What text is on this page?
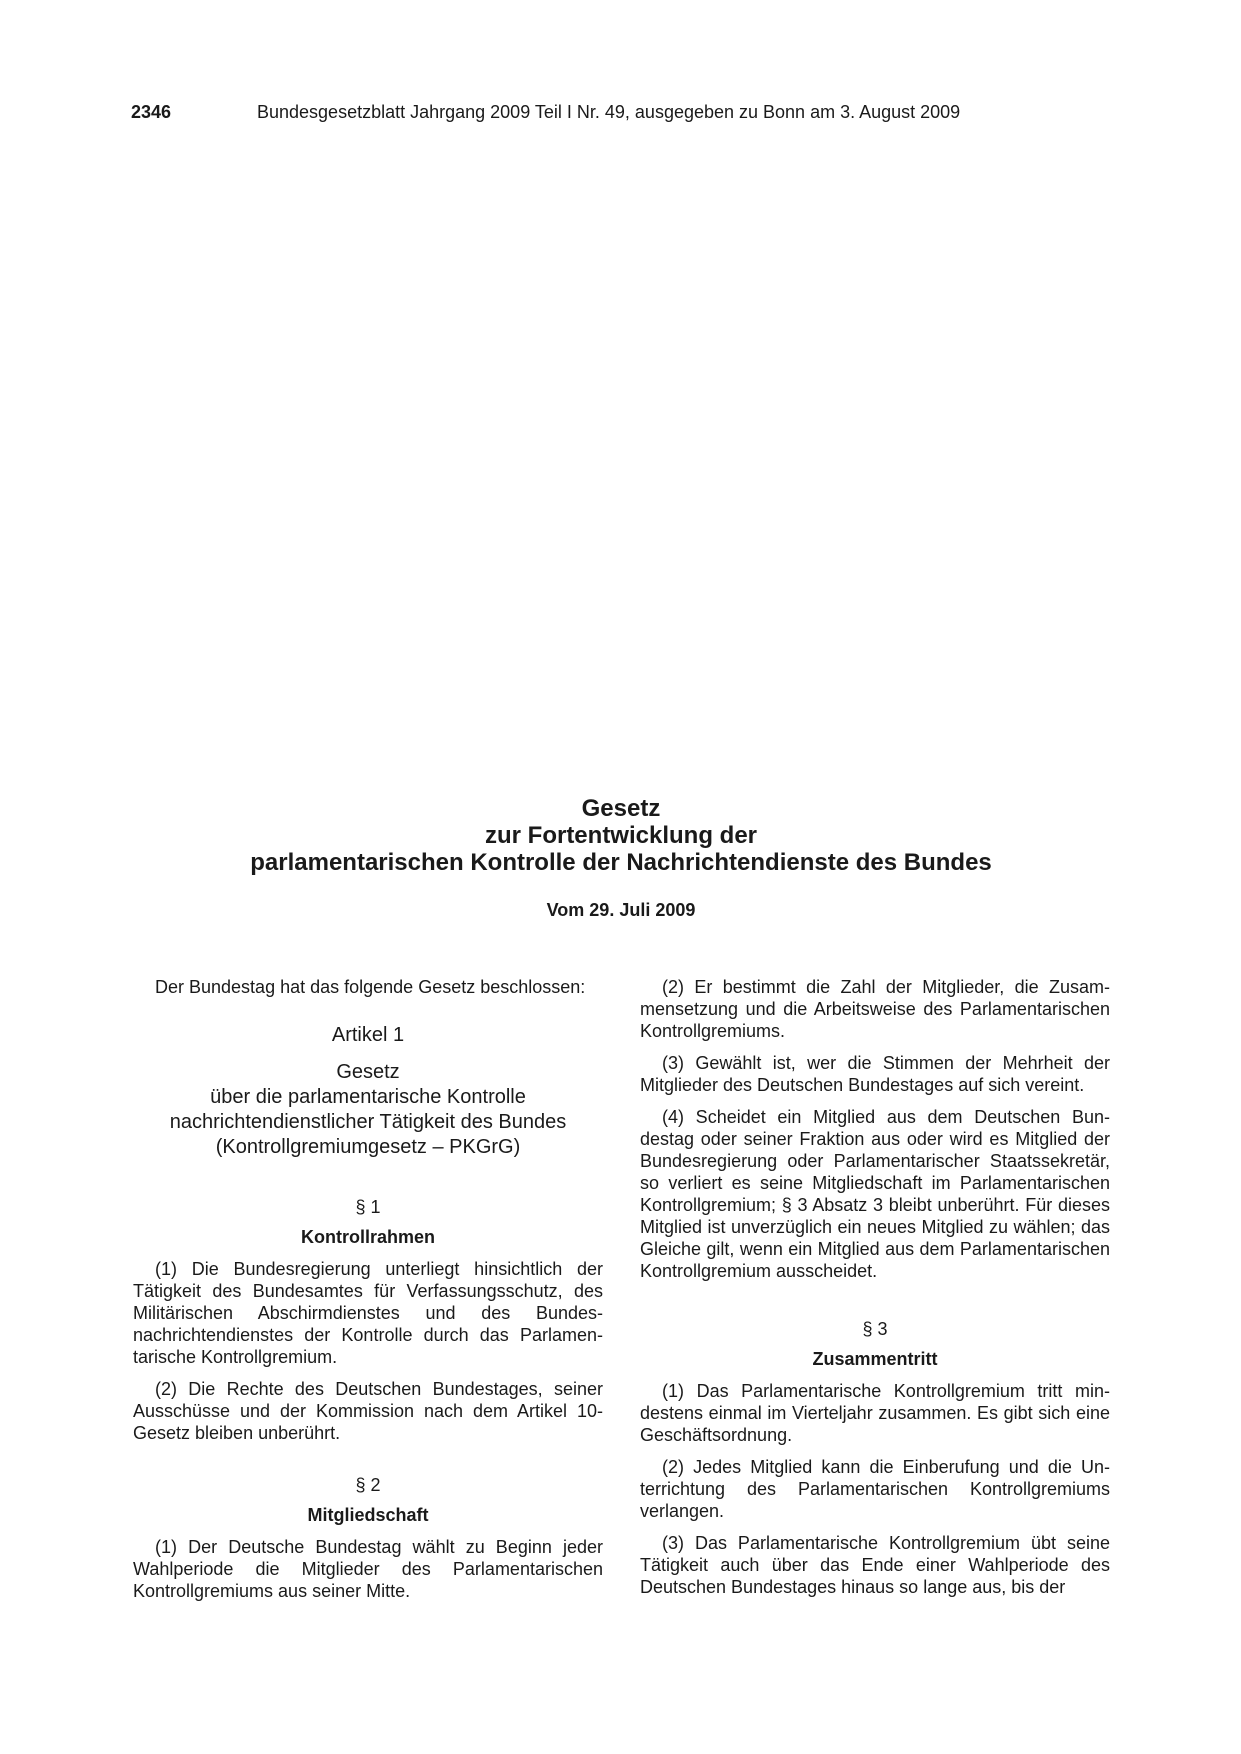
2346	Bundesgesetzblatt Jahrgang 2009 Teil I Nr. 49, ausgegeben zu Bonn am 3. August 2009

Gesetz

zur Fortentwicklung der

parlamentarischen Kontrolle der Nachrichtendienste des Bundes

Vom 29. Juli 2009

Der Bundestag hat das folgende Gesetz beschlossen:

Artikel 1
Gesetz
über die parlamentarische Kontrolle
nachrichtendienstlicher Tätigkeit des Bundes
(Kontrollgremiumgesetz – PKGrG)
§ 1
Kontrollrahmen

(1) Die Bundesregierung unterliegt hinsichtlich der Tätigkeit des Bundesamtes für Verfassungsschutz, des Militärischen Abschirmdienstes und des Bundesnachrichtendienstes der Kontrolle durch das Parlamentarische Kontrollgremium.

(2) Die Rechte des Deutschen Bundestages, seiner Ausschüsse und der Kommission nach dem Artikel 10-Gesetz bleiben unberührt.

§ 2
Mitgliedschaft

(1) Der Deutsche Bundestag wählt zu Beginn jeder Wahlperiode die Mitglieder des Parlamentarischen Kontrollgremiums aus seiner Mitte.

(2) Er bestimmt die Zahl der Mitglieder, die Zusammensetzung und die Arbeitsweise des Parlamentarischen Kontrollgremiums.

(3) Gewählt ist, wer die Stimmen der Mehrheit der Mitglieder des Deutschen Bundestages auf sich vereint.

(4) Scheidet ein Mitglied aus dem Deutschen Bundestag oder seiner Fraktion aus oder wird es Mitglied der Bundesregierung oder Parlamentarischer Staatssekretär, so verliert es seine Mitgliedschaft im Parlamentarischen Kontrollgremium; § 3 Absatz 3 bleibt unberührt. Für dieses Mitglied ist unverzüglich ein neues Mitglied zu wählen; das Gleiche gilt, wenn ein Mitglied aus dem Parlamentarischen Kontrollgremium ausscheidet.

§ 3
Zusammentritt

(1) Das Parlamentarische Kontrollgremium tritt mindestens einmal im Vierteljahr zusammen. Es gibt sich eine Geschäftsordnung.

(2) Jedes Mitglied kann die Einberufung und die Unterrichtung des Parlamentarischen Kontrollgremiums verlangen.

(3) Das Parlamentarische Kontrollgremium übt seine Tätigkeit auch über das Ende einer Wahlperiode des Deutschen Bundestages hinaus so lange aus, bis der
